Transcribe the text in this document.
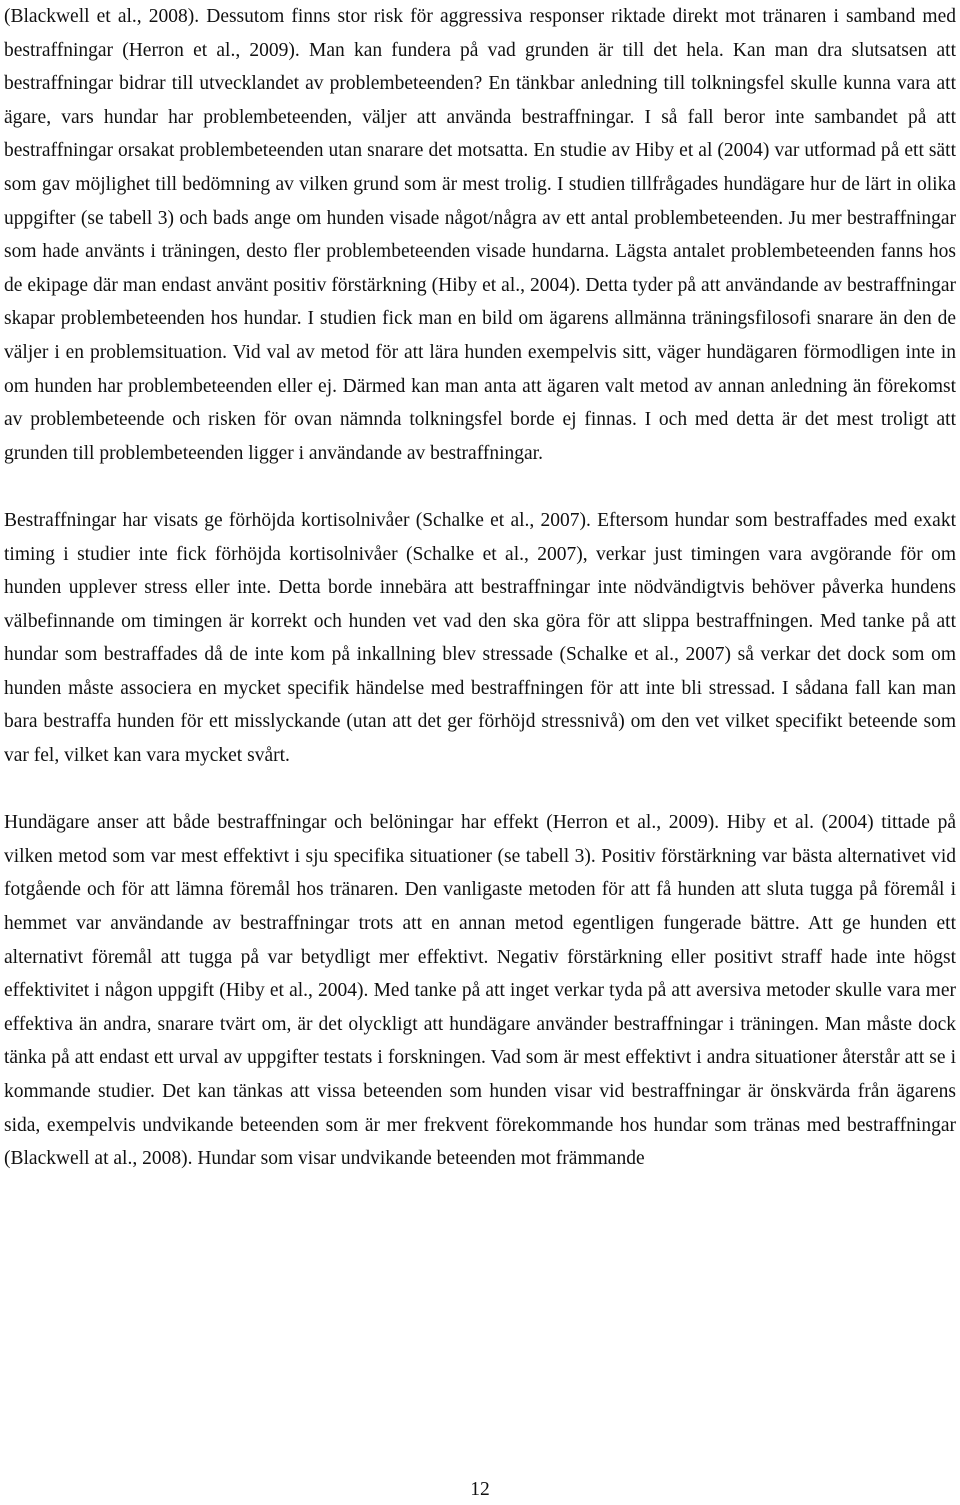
(Blackwell et al., 2008). Dessutom finns stor risk för aggressiva responser riktade direkt mot tränaren i samband med bestraffningar (Herron et al., 2009). Man kan fundera på vad grunden är till det hela. Kan man dra slutsatsen att bestraffningar bidrar till utvecklandet av problembeteenden? En tänkbar anledning till tolkningsfel skulle kunna vara att ägare, vars hundar har problembeteenden, väljer att använda bestraffningar. I så fall beror inte sambandet på att bestraffningar orsakat problembeteenden utan snarare det motsatta. En studie av Hiby et al (2004) var utformad på ett sätt som gav möjlighet till bedömning av vilken grund som är mest trolig. I studien tillfrågades hundägare hur de lärt in olika uppgifter (se tabell 3) och bads ange om hunden visade något/några av ett antal problembeteenden. Ju mer bestraffningar som hade använts i träningen, desto fler problembeteenden visade hundarna. Lägsta antalet problembeteenden fanns hos de ekipage där man endast använt positiv förstärkning (Hiby et al., 2004). Detta tyder på att användande av bestraffningar skapar problembeteenden hos hundar. I studien fick man en bild om ägarens allmänna träningsfilosofi snarare än den de väljer i en problemsituation. Vid val av metod för att lära hunden exempelvis sitt, väger hundägaren förmodligen inte in om hunden har problembeteenden eller ej. Därmed kan man anta att ägaren valt metod av annan anledning än förekomst av problembeteende och risken för ovan nämnda tolkningsfel borde ej finnas. I och med detta är det mest troligt att grunden till problembeteenden ligger i användande av bestraffningar.

Bestraffningar har visats ge förhöjda kortisolnivåer (Schalke et al., 2007). Eftersom hundar som bestraffades med exakt timing i studier inte fick förhöjda kortisolnivåer (Schalke et al., 2007), verkar just timingen vara avgörande för om hunden upplever stress eller inte. Detta borde innebära att bestraffningar inte nödvändigtvis behöver påverka hundens välbefinnande om timingen är korrekt och hunden vet vad den ska göra för att slippa bestraffningen. Med tanke på att hundar som bestraffades då de inte kom på inkallning blev stressade (Schalke et al., 2007) så verkar det dock som om hunden måste associera en mycket specifik händelse med bestraffningen för att inte bli stressad. I sådana fall kan man bara bestraffa hunden för ett misslyckande (utan att det ger förhöjd stressnivå) om den vet vilket specifikt beteende som var fel, vilket kan vara mycket svårt.

Hundägare anser att både bestraffningar och belöningar har effekt (Herron et al., 2009). Hiby et al. (2004) tittade på vilken metod som var mest effektivt i sju specifika situationer (se tabell 3). Positiv förstärkning var bästa alternativet vid fotgående och för att lämna föremål hos tränaren. Den vanligaste metoden för att få hunden att sluta tugga på föremål i hemmet var användande av bestraffningar trots att en annan metod egentligen fungerade bättre. Att ge hunden ett alternativt föremål att tugga på var betydligt mer effektivt. Negativ förstärkning eller positivt straff hade inte högst effektivitet i någon uppgift (Hiby et al., 2004). Med tanke på att inget verkar tyda på att aversiva metoder skulle vara mer effektiva än andra, snarare tvärt om, är det olyckligt att hundägare använder bestraffningar i träningen. Man måste dock tänka på att endast ett urval av uppgifter testats i forskningen. Vad som är mest effektivt i andra situationer återstår att se i kommande studier. Det kan tänkas att vissa beteenden som hunden visar vid bestraffningar är önskvärda från ägarens sida, exempelvis undvikande beteenden som är mer frekvent förekommande hos hundar som tränas med bestraffningar (Blackwell at al., 2008). Hundar som visar undvikande beteenden mot främmande

12
